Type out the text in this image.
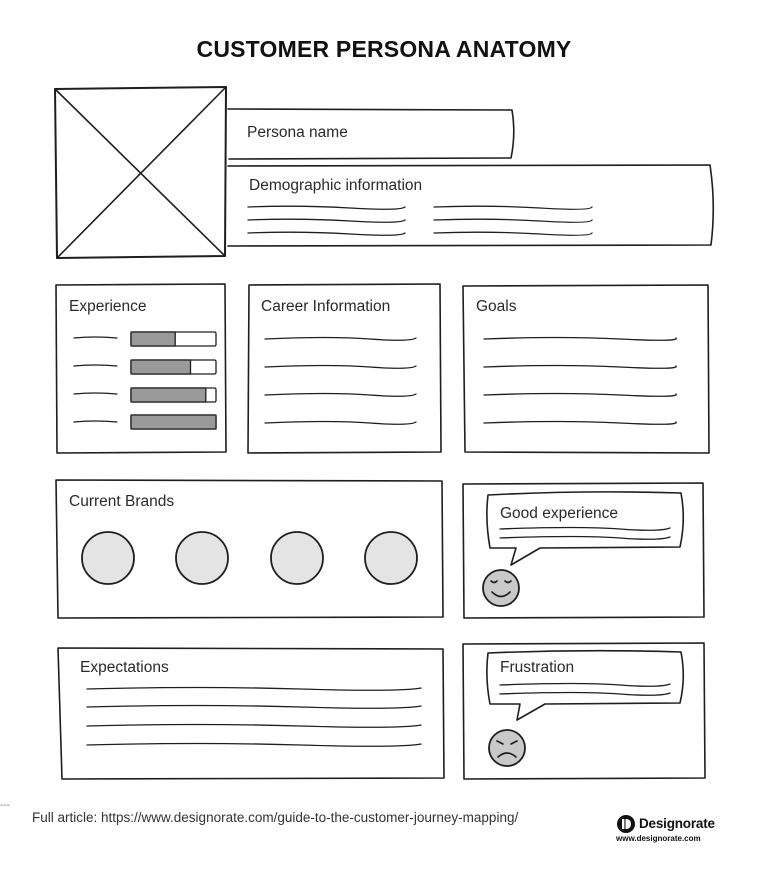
---
CUSTOMER PERSONA ANATOMY
Persona name
Demographic information
Experience	Career Information	Goals
Current Brands
Good experience
Expectations	Frustration
Full article: https://www.designorate.com/guide-to-the-customer-journey-mapping/	Designorate
www.designorate.com
